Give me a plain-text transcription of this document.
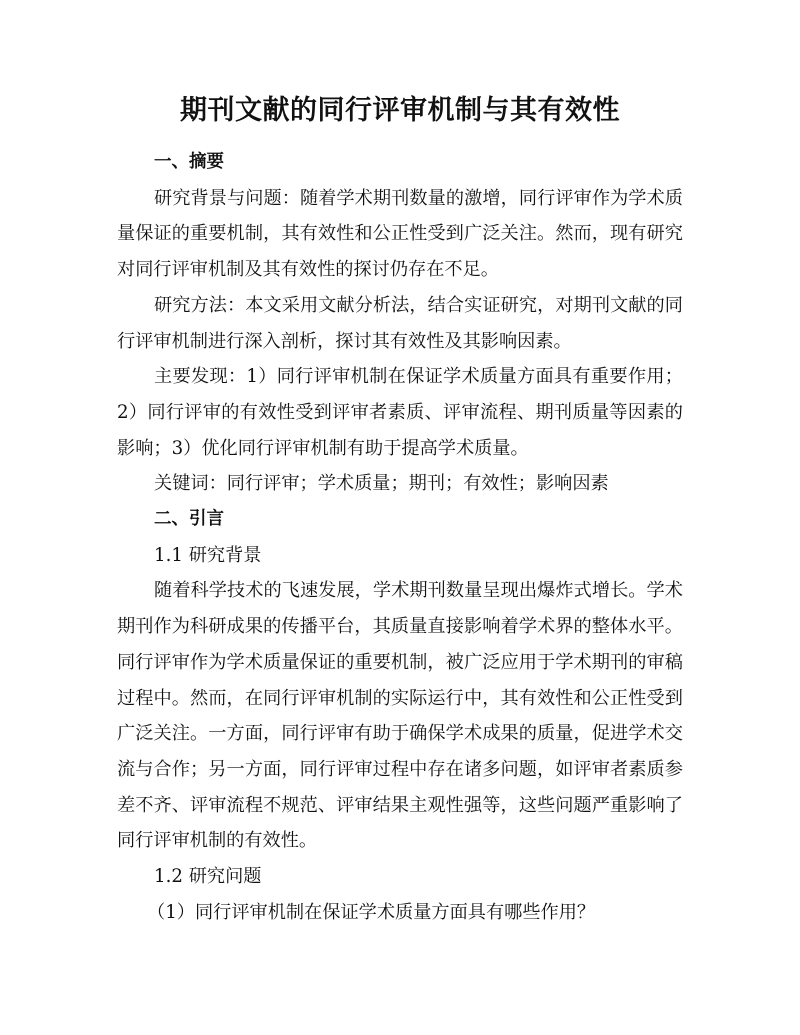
期刊文献的同行评审机制与其有效性

一、摘要

研究背景与问题：随着学术期刊数量的激增，同行评审作为学术质量保证的重要机制，其有效性和公正性受到广泛关注。然而，现有研究对同行评审机制及其有效性的探讨仍存在不足。

研究方法：本文采用文献分析法，结合实证研究，对期刊文献的同行评审机制进行深入剖析，探讨其有效性及其影响因素。

主要发现：1）同行评审机制在保证学术质量方面具有重要作用；2）同行评审的有效性受到评审者素质、评审流程、期刊质量等因素的影响；3）优化同行评审机制有助于提高学术质量。

关键词：同行评审；学术质量；期刊；有效性；影响因素

二、引言

1.1 研究背景

随着科学技术的飞速发展，学术期刊数量呈现出爆炸式增长。学术期刊作为科研成果的传播平台，其质量直接影响着学术界的整体水平。同行评审作为学术质量保证的重要机制，被广泛应用于学术期刊的审稿过程中。然而，在同行评审机制的实际运行中，其有效性和公正性受到广泛关注。一方面，同行评审有助于确保学术成果的质量，促进学术交流与合作；另一方面，同行评审过程中存在诸多问题，如评审者素质参差不齐、评审流程不规范、评审结果主观性强等，这些问题严重影响了同行评审机制的有效性。

1.2 研究问题

（1）同行评审机制在保证学术质量方面具有哪些作用？
